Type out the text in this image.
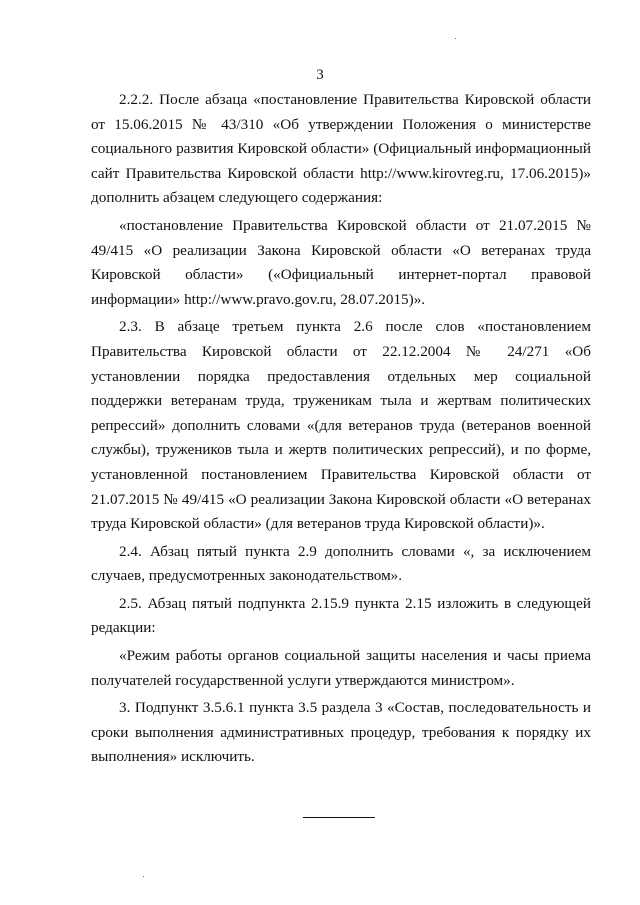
3

2.2.2. После абзаца «постановление Правительства Кировской области от 15.06.2015 № 43/310 «Об утверждении Положения о министерстве социального развития Кировской области» (Официальный информационный сайт Правительства Кировской области http://www.kirovreg.ru, 17.06.2015)» дополнить абзацем следующего содержания:

«постановление Правительства Кировской области от 21.07.2015 № 49/415 «О реализации Закона Кировской области «О ветеранах труда Кировской области» («Официальный интернет-портал правовой информации» http://www.pravo.gov.ru, 28.07.2015)».

2.3. В абзаце третьем пункта 2.6 после слов «постановлением Правительства Кировской области от 22.12.2004 № 24/271 «Об установлении порядка предоставления отдельных мер социальной поддержки ветеранам труда, труженикам тыла и жертвам политических репрессий» дополнить словами «(для ветеранов труда (ветеранов военной службы), тружеников тыла и жертв политических репрессий), и по форме, установленной постановлением Правительства Кировской области от 21.07.2015 № 49/415 «О реализации Закона Кировской области «О ветеранах труда Кировской области» (для ветеранов труда Кировской области)».

2.4. Абзац пятый пункта 2.9 дополнить словами «, за исключением случаев, предусмотренных законодательством».

2.5. Абзац пятый подпункта 2.15.9 пункта 2.15 изложить в следующей редакции:

«Режим работы органов социальной защиты населения и часы приема получателей государственной услуги утверждаются министром».

3. Подпункт 3.5.6.1 пункта 3.5 раздела 3 «Состав, последовательность и сроки выполнения административных процедур, требования к порядку их выполнения» исключить.
